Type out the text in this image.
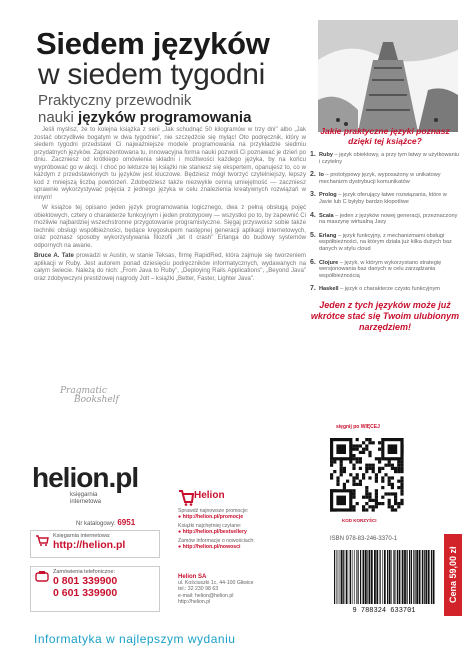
Siedem języków
w siedem tygodni
Praktyczny przewodnik
nauki języków programowania

Jeśli myślisz, że to kolejna książka z serii „Jak schudnąć 50 kilogramów w trzy dni" albo „Jak zostać obrzydliwie bogatym w dwa tygodnie", nie szczędźcie się myląc! Oto podręcznik, który w siedem tygodni przedstawi Ci najważniejsze modele programowania na przykładzie siedmiu przydatnych języków. Zaprezentowana tu, innowacyjna forma nauki pozwoli Ci poznawać je dzień po dniu. Zaczniesz od krótkiego omówienia składni i możliwości każdego języka, by na końcu wypróbować go w akcji. I choć po lekturze tej książki nie staniesz się ekspertem, opanujesz to, co w każdym z przedstawionych tu języków jest kluczowe. Będziesz mógł tworzyć czytelniejszy, lepszy kod z mniejszą liczbą powtórzeń. Zdobędziesz także niezwykle cenną umiejętność — zaczniesz sprawnie wykorzystywać pojęcia z jednego języka w celu znalezienia kreatywnych rozwiązań w innym!

W książce tej opisano jeden język programowania logicznego, dwa z pełną obsługą pojęć obiektowych, cztery o charakterze funkcyjnym i jeden prototypowy — wszystko po to, by zapewnić Ci możliwie najbardziej wszechstronne przygotowanie programistyczne. Sięgaj przyswoisz sobie także techniki obsługi współbieżności, będące kręgosłupem następnej generacji aplikacji internetowych, oraz poznasz sposoby wykorzystywania filozofii „let it crash" Erlanga do budowy systemów odpornych na awarie.

Bruce A. Tate prowadzi w Austin, w stanie Teksas, firmę RapidRed, która zajmuje się tworzeniem aplikacji w Ruby. Jest autorem ponad dziesięciu podręczników informatycznych, wydawanych na całym świecie. Należą do nich: „From Java to Ruby", „Deploying Rails Applications", „Beyond Java" oraz zdobywczyni prestiżowej nagrody Jolt – książki „Better, Faster, Lighter Java".

Pragmatic
Bookshelf
Jakie praktyczne języki poznasz dzięki tej książce?
1. Ruby – język obiektowy, a przy tym łatwy w użytkowaniu i czytelny
2. Io – prototypowy język, wyposażony w unikatowy mechanizm dystrybucji komunikatów
3. Prolog – język oferujący łatwe rozwiązania, które w Javie lub C byłyby bardzo kłopotliwe
4. Scala – jeden z języków nowej generacji, przeznaczony na maszynę wirtualną Javy
5. Erlang – język funkcyjny, z mechanizmami obsługi współbieżności, na którym działa już kilka dużych baz danych w stylu cloud
6. Clojure – język, w którym wykorzystano strategię wersjonowania baz danych w celu zarządzania współbieżnością
7. Haskell – język o charakterze czysto funkcyjnym
Jeden z tych języków może już wkrótce stać się Twoim ulubionym narzędziem!
sięgnij po WIĘCEJ
KOD KORZYŚCI
ISBN 978-83-246-3370-1
9 788324 633701
Cena 59,00 zł
helion.pl
księgarnia
internetowa
Nr katalogowy: 6951
Księgarnia internetowa:
http://helion.pl
Zamówienia telefoniczne:
0 801 339900
0 601 339900
Helion
Sprawdź najnowsze promocje:
● http://helion.pl/promocje
Książki najchętniej czytane:
● http://helion.pl/bestsellery
Zamów informacje o nowościach:
● http://helion.pl/nowosci
Helion SA
ul. Kościuszki 1c, 44-100 Gliwice
tel.: 32 230 98 63
e-mail: helion@helion.pl
http://helion.pl
Informatyka w najlepszym wydaniu
